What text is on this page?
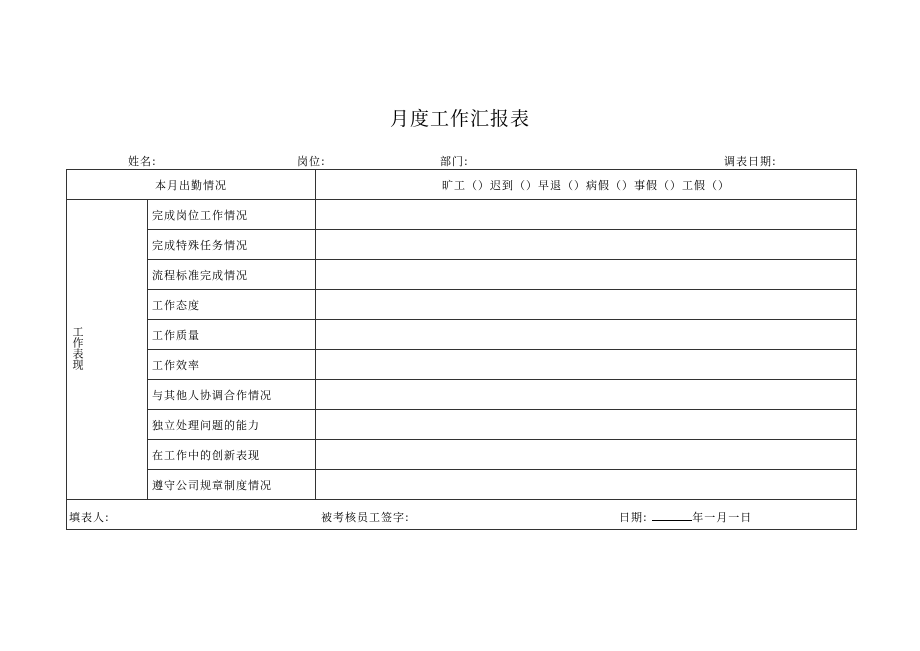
月度工作汇报表
姓名:	岗位:	部门:	调表日期:
本月出勤情况		旷工（）迟到（）早退（）病假（）事假（）工假（）
工作表现	完成岗位工作情况	
	完成特殊任务情况	
	流程标准完成情况	
	工作态度	
	工作质量	
	工作效率	
	与其他人协调合作情况	
	独立处理问题的能力	
	在工作中的创新表现	
	遵守公司规章制度情况	

填表人: 被考核员工签字: 日期: 年一月一日		
